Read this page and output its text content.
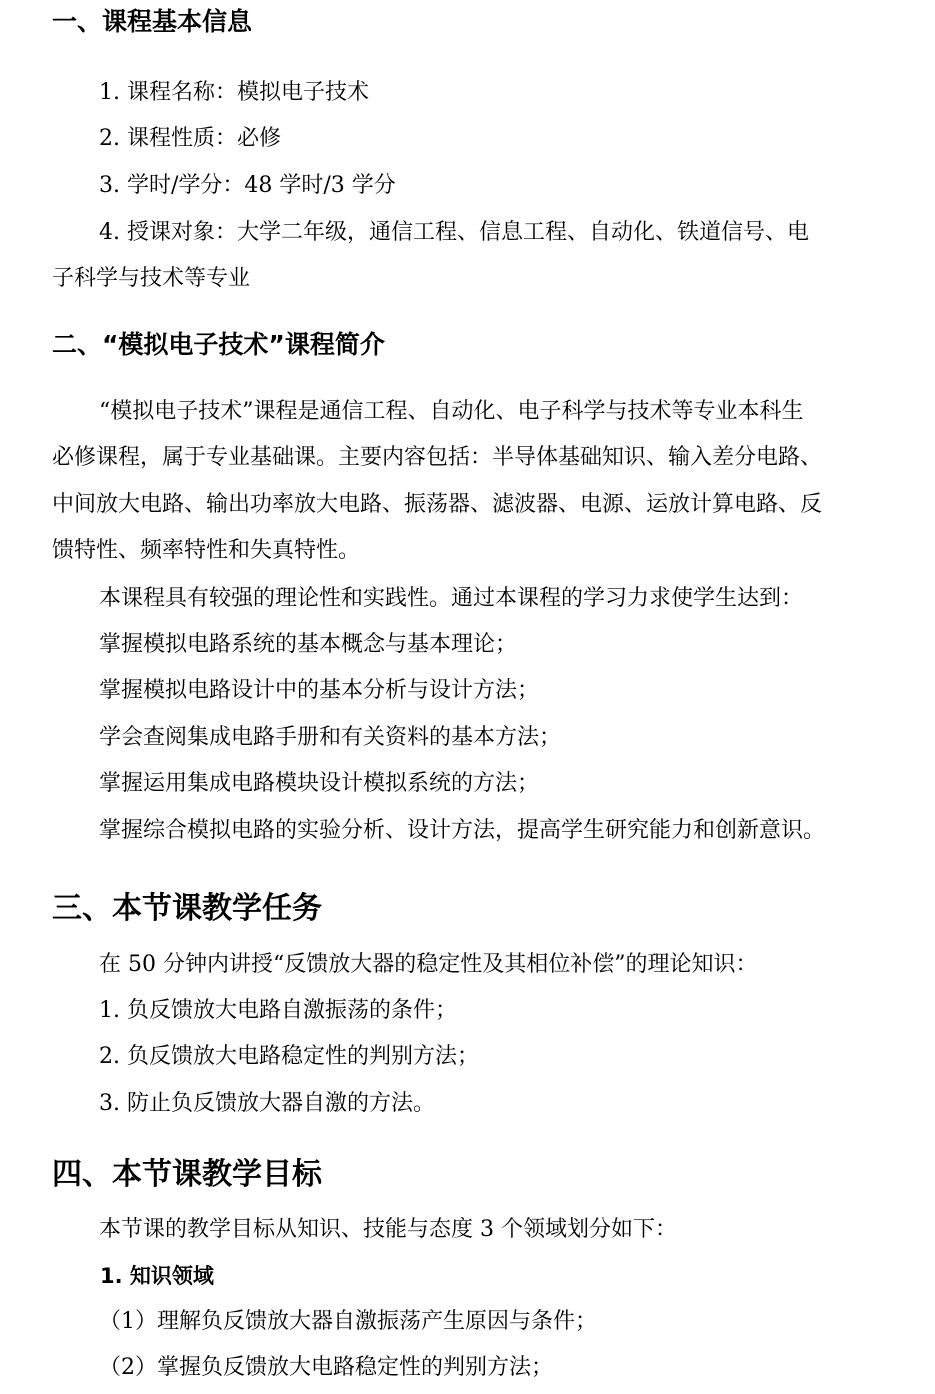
一、课程基本信息
1. 课程名称：模拟电子技术
2. 课程性质：必修
3. 学时/学分：48 学时/3 学分
4. 授课对象：大学二年级，通信工程、信息工程、自动化、铁道信号、电
子科学与技术等专业
二、“模拟电子技术”课程简介
“模拟电子技术”课程是通信工程、自动化、电子科学与技术等专业本科生
必修课程，属于专业基础课。主要内容包括：半导体基础知识、输入差分电路、
中间放大电路、输出功率放大电路、振荡器、滤波器、电源、运放计算电路、反
馈特性、频率特性和失真特性。
本课程具有较强的理论性和实践性。通过本课程的学习力求使学生达到：
掌握模拟电路系统的基本概念与基本理论；
掌握模拟电路设计中的基本分析与设计方法；
学会查阅集成电路手册和有关资料的基本方法；
掌握运用集成电路模块设计模拟系统的方法；
掌握综合模拟电路的实验分析、设计方法，提高学生研究能力和创新意识。
三、本节课教学任务
在 50 分钟内讲授“反馈放大器的稳定性及其相位补偿”的理论知识：
1. 负反馈放大电路自激振荡的条件；
2. 负反馈放大电路稳定性的判别方法；
3. 防止负反馈放大器自激的方法。
四、本节课教学目标
本节课的教学目标从知识、技能与态度 3 个领域划分如下：
1. 知识领域
（1）理解负反馈放大器自激振荡产生原因与条件；
（2）掌握负反馈放大电路稳定性的判别方法；
